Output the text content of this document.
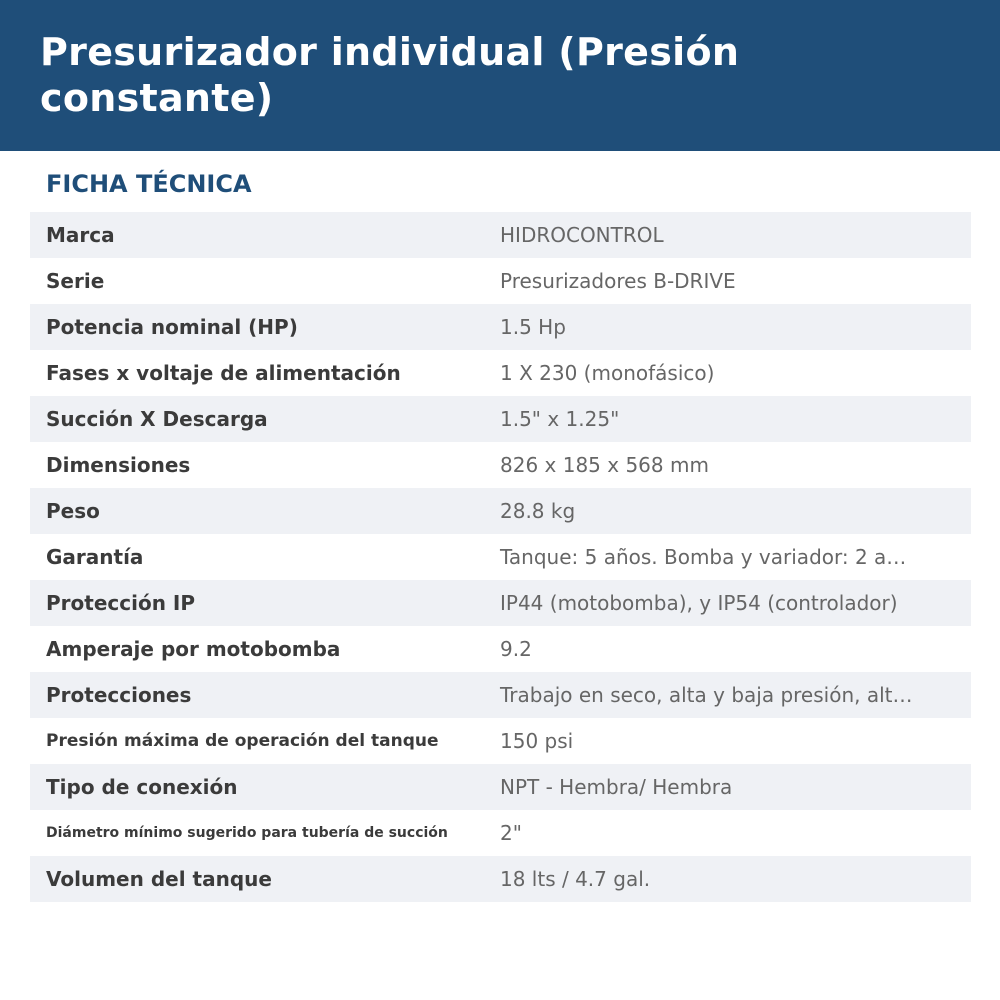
Presurizador individual (Presión constante)
FICHA TÉCNICA
Marca	HIDROCONTROL
Serie	Presurizadores B-DRIVE
Potencia nominal (HP)	1.5 Hp
Fases x voltaje de alimentación	1 X 230 (monofásico)
Succión X Descarga	1.5" x 1.25"
Dimensiones	826 x 185 x 568 mm
Peso	28.8 kg
Garantía	Tanque: 5 años. Bomba y variador: 2 a…
Protección IP	IP44 (motobomba), y IP54 (controlador)
Amperaje por motobomba	9.2
Protecciones	Trabajo en seco, alta y baja presión, alt…
Presión máxima de operación del tanque	150 psi
Tipo de conexión	NPT - Hembra/ Hembra
Diámetro mínimo sugerido para tubería de succión	2"
Volumen del tanque	18 lts / 4.7 gal.
